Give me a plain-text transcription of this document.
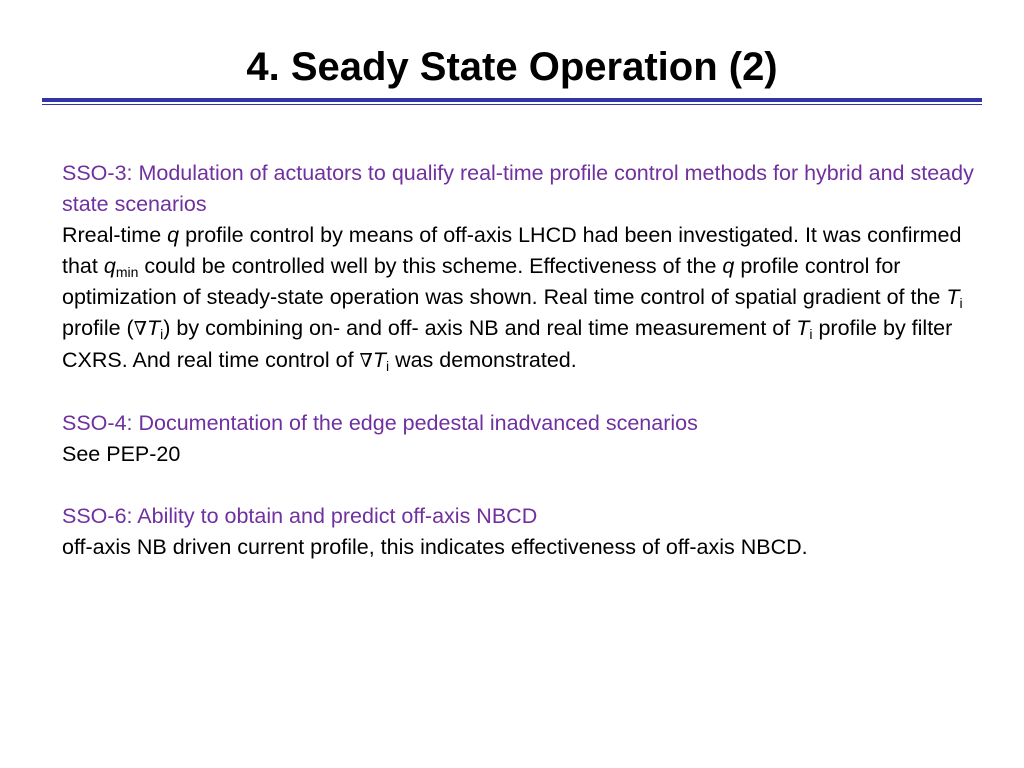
4. Seady State Operation (2)
SSO-3: Modulation of actuators to qualify real-time profile control methods for hybrid and steady state scenarios
Rreal-time q profile control by means of off-axis LHCD had been investigated. It was confirmed that $q_{min}$ could be controlled well by this scheme. Effectiveness of the q profile control for optimization of steady-state operation was shown. Real time control of spatial gradient of the $T_i$ profile $(\nabla T_i)$ by combining on- and off- axis NB and real time measurement of $T_i$ profile by filter CXRS. And real time control of $\nabla T_i$ was demonstrated.
SSO-4: Documentation of the edge pedestal inadvanced scenarios
See PEP-20
SSO-6: Ability to obtain and predict off-axis NBCD
off-axis NB driven current profile, this indicates effectiveness of off-axis NBCD.
